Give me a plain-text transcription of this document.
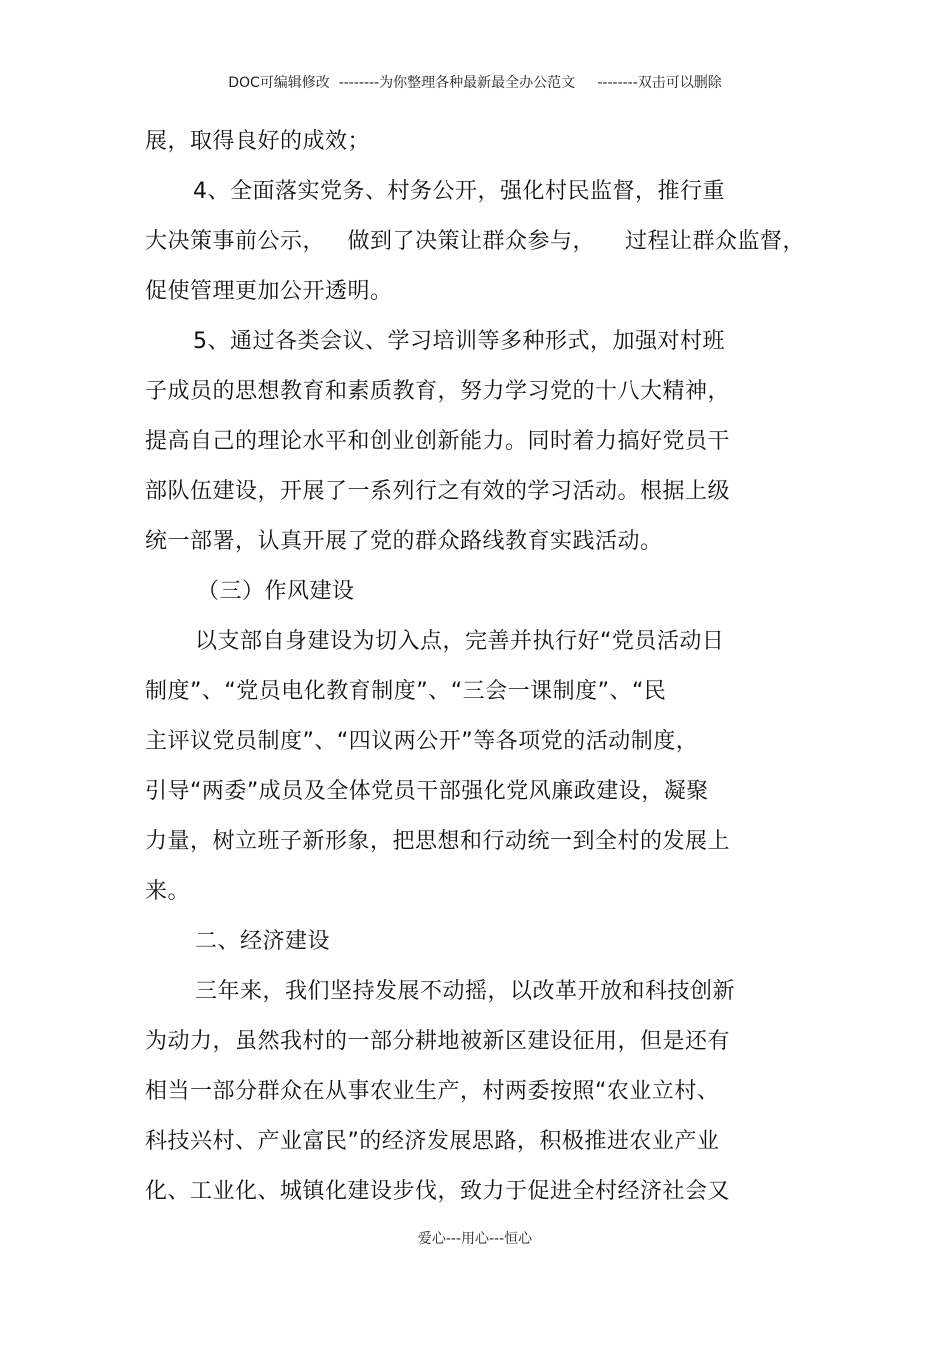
DOC可编辑修改  --------为你整理各种最新最全办公范文     --------双击可以删除
展，取得良好的成效；
4、全面落实党务、村务公开，强化村民监督，推行重
大决策事前公示，   做到了决策让群众参与，    过程让群众监督，
促使管理更加公开透明。
5、通过各类会议、学习培训等多种形式，加强对村班
子成员的思想教育和素质教育，努力学习党的十八大精神，
提高自己的理论水平和创业创新能力。同时着力搞好党员干
部队伍建设，开展了一系列行之有效的学习活动。根据上级
统一部署，认真开展了党的群众路线教育实践活动。
（三）作风建设
以支部自身建设为切入点，完善并执行好“党员活动日
制度”、“党员电化教育制度”、“三会一课制度”、“民
主评议党员制度”、“四议两公开”等各项党的活动制度，
引导“两委”成员及全体党员干部强化党风廉政建设，凝聚
力量，树立班子新形象，把思想和行动统一到全村的发展上
来。
二、经济建设
三年来，我们坚持发展不动摇，以改革开放和科技创新
为动力，虽然我村的一部分耕地被新区建设征用，但是还有
相当一部分群众在从事农业生产，村两委按照“农业立村、
科技兴村、产业富民”的经济发展思路，积极推进农业产业
化、工业化、城镇化建设步伐，致力于促进全村经济社会又
爱心---用心---恒心
